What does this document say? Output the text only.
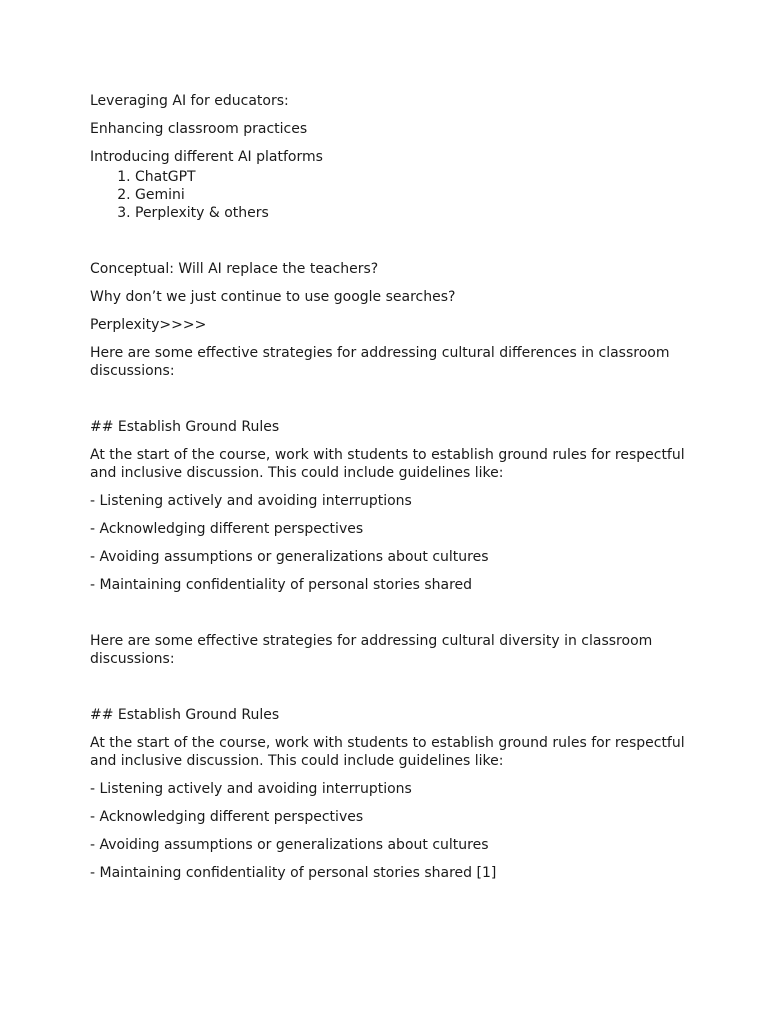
Leveraging AI for educators:

Enhancing classroom practices

Introducing different AI platforms

1. ChatGPT
2. Gemini
3. Perplexity & others

Conceptual: Will AI replace the teachers?

Why don’t we just continue to use google searches?

Perplexity>>>>

Here are some effective strategies for addressing cultural differences in classroom discussions:

## Establish Ground Rules

At the start of the course, work with students to establish ground rules for respectful and inclusive discussion. This could include guidelines like:

- Listening actively and avoiding interruptions

- Acknowledging different perspectives

- Avoiding assumptions or generalizations about cultures

- Maintaining confidentiality of personal stories shared

Here are some effective strategies for addressing cultural diversity in classroom discussions:

## Establish Ground Rules

At the start of the course, work with students to establish ground rules for respectful and inclusive discussion. This could include guidelines like:

- Listening actively and avoiding interruptions

- Acknowledging different perspectives

- Avoiding assumptions or generalizations about cultures

- Maintaining confidentiality of personal stories shared [1]
